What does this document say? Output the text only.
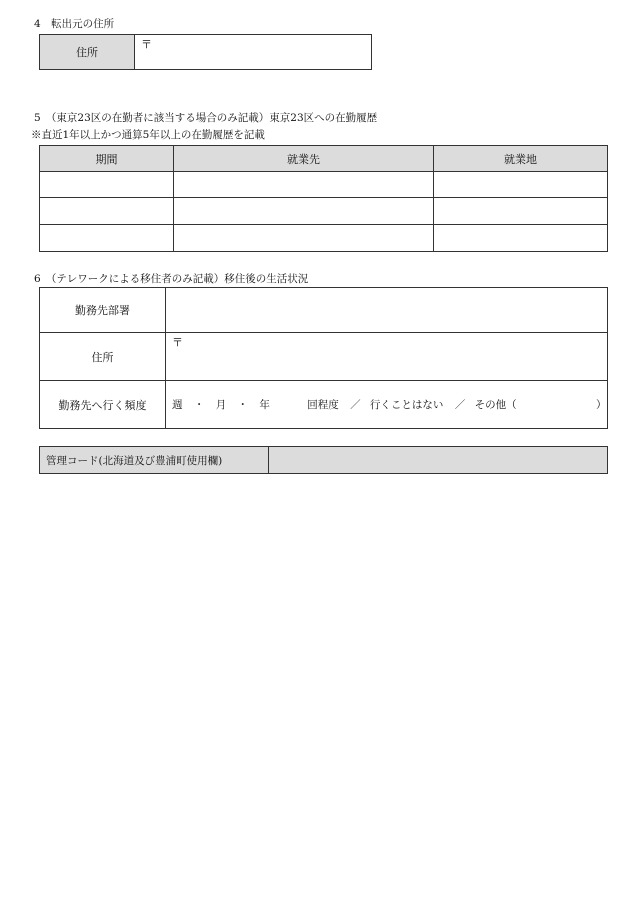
4　転出元の住所
住所	〒
5　（東京23区の在勤者に該当する場合のみ記載）東京23区への在勤履歴
※直近1年以上かつ通算5年以上の在勤履歴を記載
期間	就業先	就業地

6　（テレワークによる移住者のみ記載）移住後の生活状況
勤務先部署	
住所	〒
勤務先へ行く頻度	週 ・ 月 ・ 年 回程度 ／ 行くことはない ／ その他（ ）
管理コード(北海道及び豊浦町使用欄)	
